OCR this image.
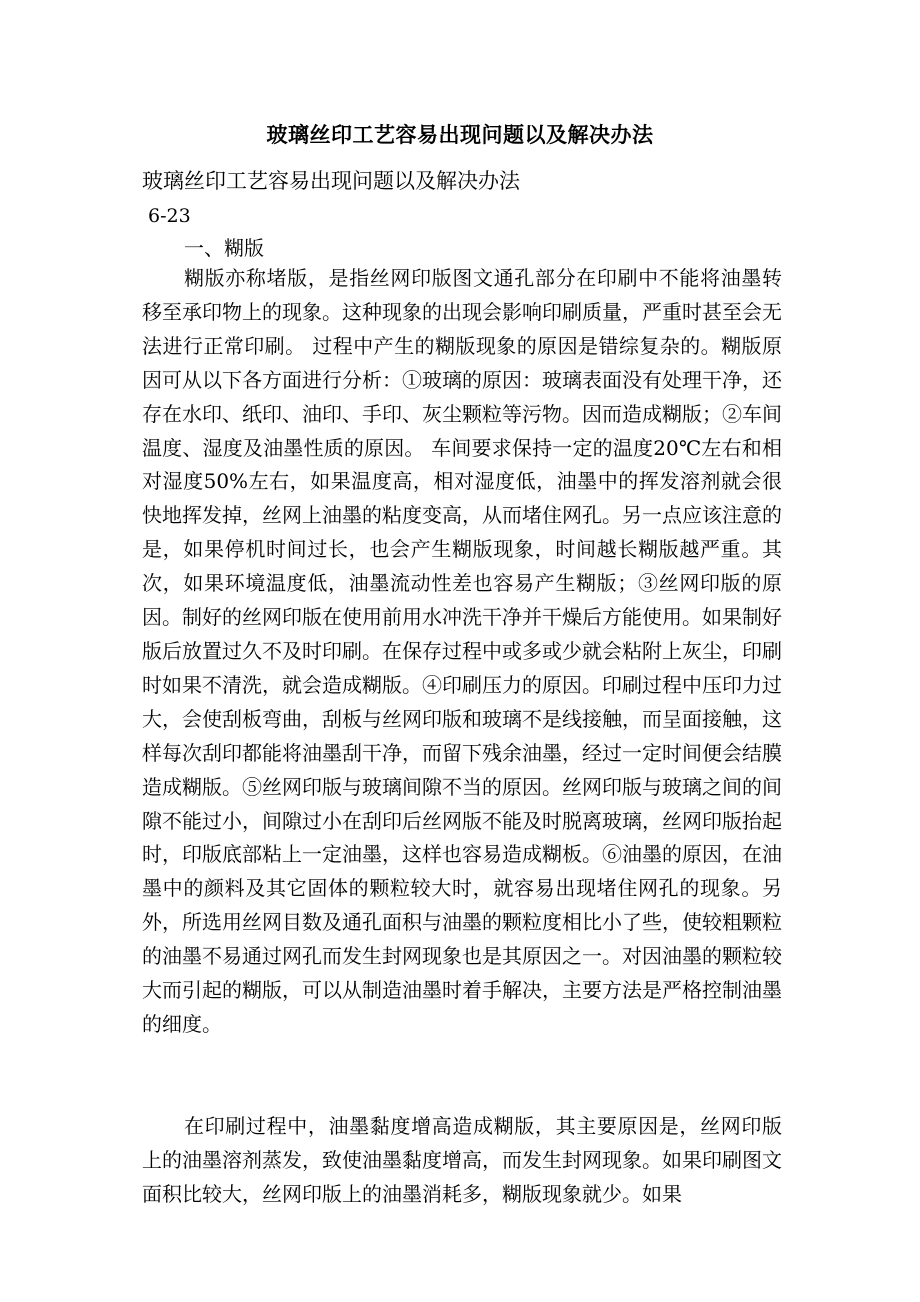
玻璃丝印工艺容易出现问题以及解决办法
玻璃丝印工艺容易出现问题以及解决办法
6-23
一、糊版

糊版亦称堵版，是指丝网印版图文通孔部分在印刷中不能将油墨转移至承印物上的现象。这种现象的出现会影响印刷质量，严重时甚至会无法进行正常印刷。 过程中产生的糊版现象的原因是错综复杂的。糊版原因可从以下各方面进行分析：①玻璃的原因：玻璃表面没有处理干净，还存在水印、纸印、油印、手印、灰尘颗粒等污物。因而造成糊版；②车间温度、湿度及油墨性质的原因。 车间要求保持一定的温度20℃左右和相对湿度50%左右，如果温度高，相对湿度低，油墨中的挥发溶剂就会很快地挥发掉，丝网上油墨的粘度变高，从而堵住网孔。另一点应该注意的是，如果停机时间过长，也会产生糊版现象，时间越长糊版越严重。其次，如果环境温度低，油墨流动性差也容易产生糊版；③丝网印版的原因。制好的丝网印版在使用前用水冲洗干净并干燥后方能使用。如果制好版后放置过久不及时印刷。在保存过程中或多或少就会粘附上灰尘，印刷时如果不清洗，就会造成糊版。④印刷压力的原因。印刷过程中压印力过大，会使刮板弯曲，刮板与丝网印版和玻璃不是线接触，而呈面接触，这样每次刮印都能将油墨刮干净，而留下残余油墨，经过一定时间便会结膜造成糊版。⑤丝网印版与玻璃间隙不当的原因。丝网印版与玻璃之间的间隙不能过小，间隙过小在刮印后丝网版不能及时脱离玻璃，丝网印版抬起时，印版底部粘上一定油墨，这样也容易造成糊板。⑥油墨的原因，在油墨中的颜料及其它固体的颗粒较大时，就容易出现堵住网孔的现象。另外，所选用丝网目数及通孔面积与油墨的颗粒度相比小了些，使较粗颗粒的油墨不易通过网孔而发生封网现象也是其原因之一。对因油墨的颗粒较大而引起的糊版，可以从制造油墨时着手解决，主要方法是严格控制油墨的细度。

在印刷过程中，油墨黏度增高造成糊版，其主要原因是，丝网印版上的油墨溶剂蒸发，致使油墨黏度增高，而发生封网现象。如果印刷图文面积比较大，丝网印版上的油墨消耗多，糊版现象就少。如果
